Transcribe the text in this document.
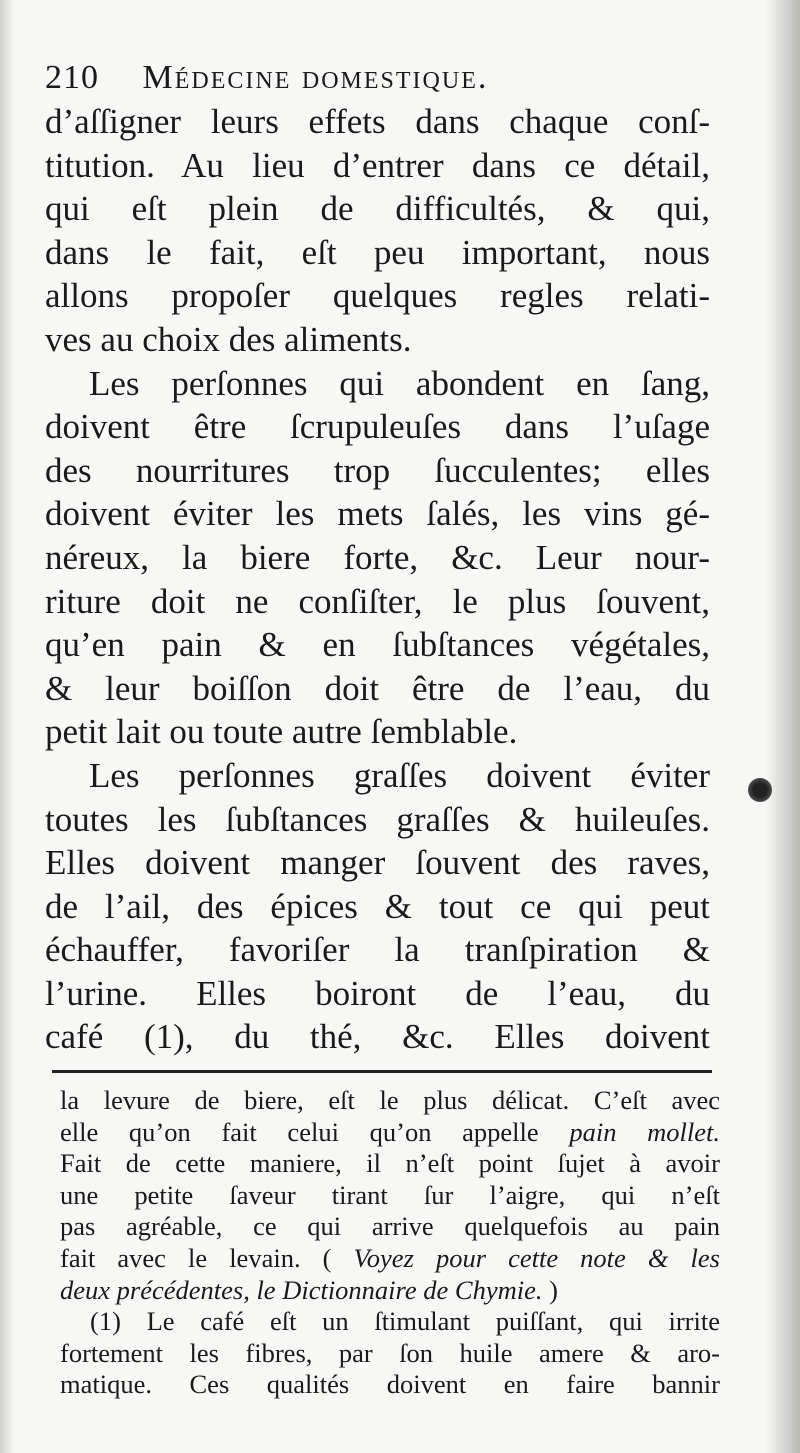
210 Médecine domestique.
d’aſſigner leurs effets dans chaque conſ-
titution. Au lieu d’entrer dans ce détail,
qui eſt plein de difficultés, & qui,
dans le fait, eſt peu important, nous
allons propoſer quelques regles relati-
ves au choix des aliments.
Les perſonnes qui abondent en ſang,
doivent être ſcrupuleuſes dans l’uſage
des nourritures trop ſucculentes; elles
doivent éviter les mets ſalés, les vins gé-
néreux, la biere forte, &c. Leur nour-
riture doit ne conſiſter, le plus ſouvent,
qu’en pain & en ſubſtances végétales,
& leur boiſſon doit être de l’eau, du
petit lait ou toute autre ſemblable.
Les perſonnes graſſes doivent éviter
toutes les ſubſtances graſſes & huileuſes.
Elles doivent manger ſouvent des raves,
de l’ail, des épices & tout ce qui peut
échauffer, favoriſer la tranſpiration &
l’urine. Elles boiront de l’eau, du
café (1), du thé, &c. Elles doivent
la levure de biere, eſt le plus délicat. C’eſt avec
elle qu’on fait celui qu’on appelle pain mollet.
Fait de cette maniere, il n’eſt point ſujet à avoir
une petite ſaveur tirant ſur l’aigre, qui n’eſt
pas agréable, ce qui arrive quelquefois au pain
fait avec le levain. ( Voyez pour cette note & les
deux précédentes, le Dictionnaire de Chymie. )
(1) Le café eſt un ſtimulant puiſſant, qui irrite
fortement les fibres, par ſon huile amere & aro-
matique. Ces qualités doivent en faire bannir
